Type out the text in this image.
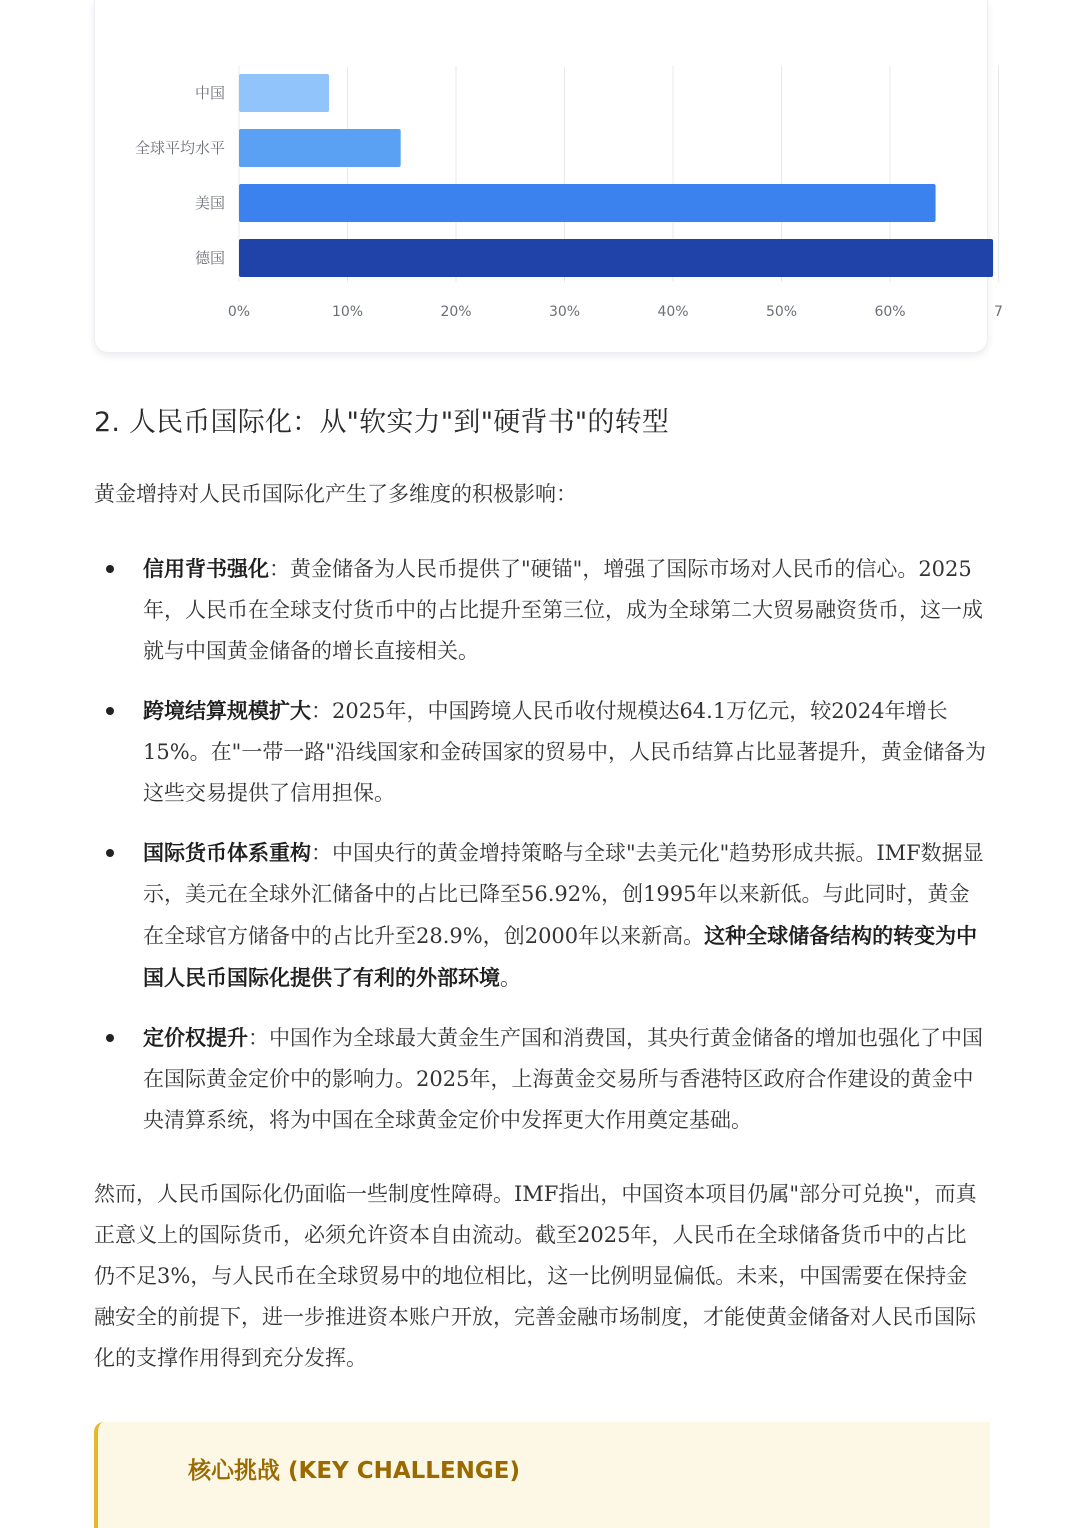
0%	10%	20%	30%	40%	50%	60%	7
中国
全球平均水平
美国
德国
2. 人民币国际化：从"软实力"到"硬背书"的转型

黄金增持对人民币国际化产生了多维度的积极影响：

信用背书强化：黄金储备为人民币提供了"硬锚"，增强了国际市场对人民币的信心。2025年，人民币在全球支付货币中的占比提升至第三位，成为全球第二大贸易融资货币，这一成就与中国黄金储备的增长直接相关。
跨境结算规模扩大：2025年，中国跨境人民币收付规模达64.1万亿元，较2024年增长15%。在"一带一路"沿线国家和金砖国家的贸易中，人民币结算占比显著提升，黄金储备为这些交易提供了信用担保。
国际货币体系重构：中国央行的黄金增持策略与全球"去美元化"趋势形成共振。IMF数据显示，美元在全球外汇储备中的占比已降至56.92%，创1995年以来新低。与此同时，黄金在全球官方储备中的占比升至28.9%，创2000年以来新高。这种全球储备结构的转变为中国人民币国际化提供了有利的外部环境。
定价权提升：中国作为全球最大黄金生产国和消费国，其央行黄金储备的增加也强化了中国在国际黄金定价中的影响力。2025年，上海黄金交易所与香港特区政府合作建设的黄金中央清算系统，将为中国在全球黄金定价中发挥更大作用奠定基础。

然而，人民币国际化仍面临一些制度性障碍。IMF指出，中国资本项目仍属"部分可兑换"，而真正意义上的国际货币，必须允许资本自由流动。截至2025年，人民币在全球储备货币中的占比仍不足3%，与人民币在全球贸易中的地位相比，这一比例明显偏低。未来，中国需要在保持金融安全的前提下，进一步推进资本账户开放，完善金融市场制度，才能使黄金储备对人民币国际化的支撑作用得到充分发挥。

核心挑战 (KEY CHALLENGE)
